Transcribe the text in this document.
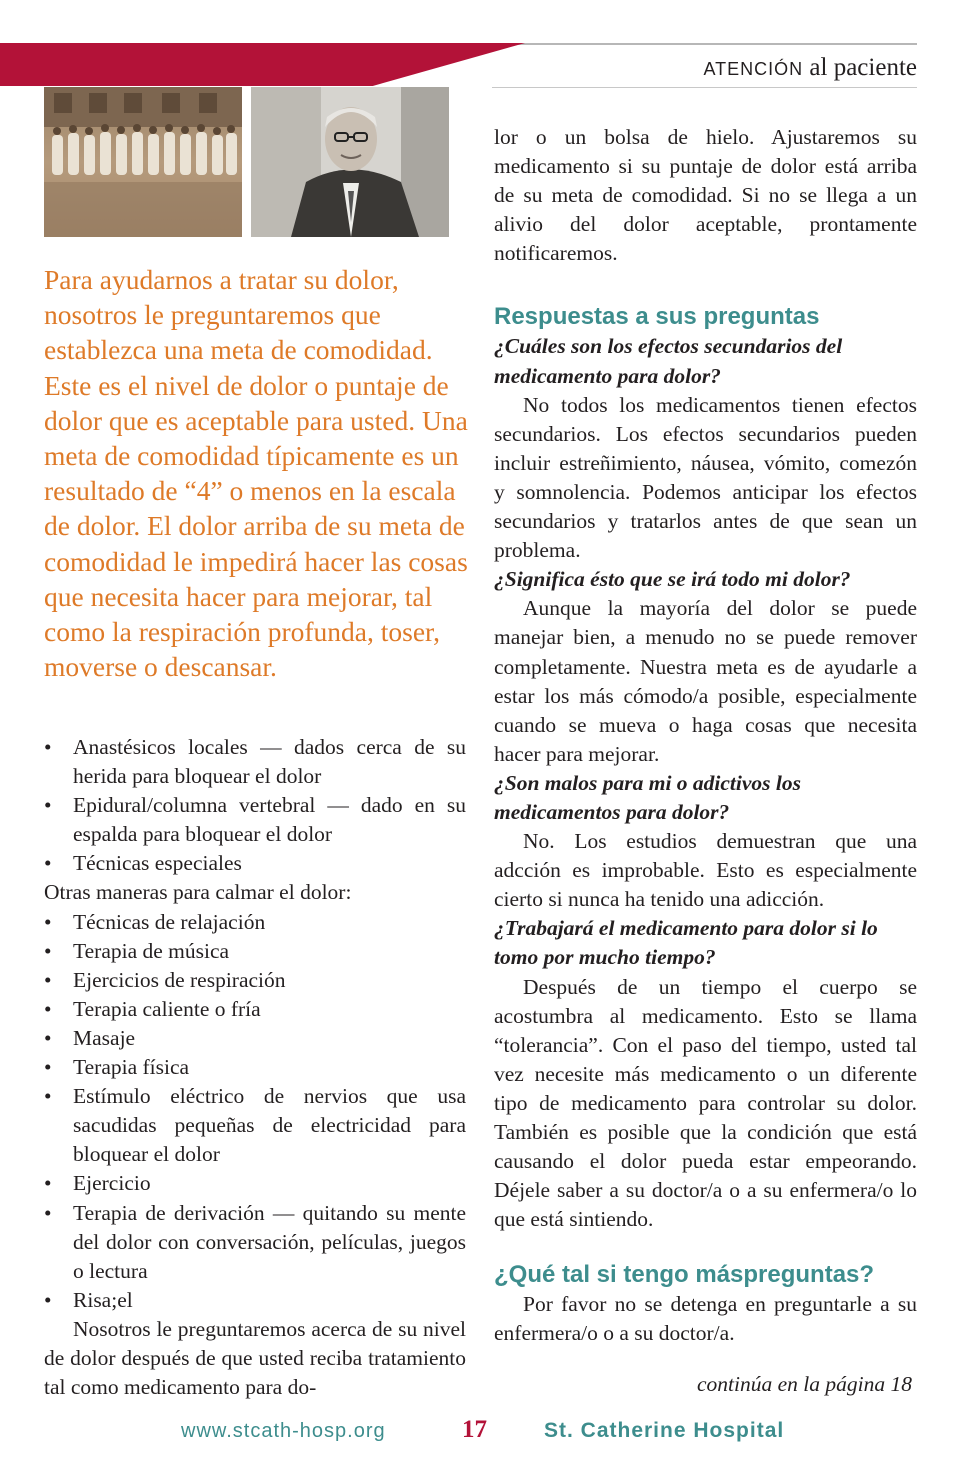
ATENCIÓN al paciente
Para ayudarnos a tratar su dolor, nosotros le preguntaremos que establezca una meta de comodidad. Este es el nivel de dolor o puntaje de dolor que es aceptable para usted. Una meta de comodidad típicamente es un resultado de “4” o menos en la escala de dolor. El dolor arriba de su meta de comodidad le impedirá hacer las cosas que necesita hacer para mejorar, tal como la respiración profunda, toser, moverse o descansar.
• Anastésicos locales — dados cerca de su herida para bloquear el dolor
• Epidural/columna vertebral — dado en su espalda para bloquear el dolor
• Técnicas especiales

Otras maneras para calmar el dolor:

• Técnicas de relajación
• Terapia de música
• Ejercicios de respiración
• Terapia caliente o fría
• Masaje
• Terapia física
• Estímulo eléctrico de nervios que usa sacudidas pequeñas de electricidad para bloquear el dolor
• Ejercicio
• Terapia de derivación — quitando su mente del dolor con conversación, películas, juegos o lectura
• Risa;el

Nosotros le preguntaremos acerca de su nivel de dolor después de que usted reciba tratamiento tal como medicamento para do-

lor o un bolsa de hielo. Ajustaremos su medicamento si su puntaje de dolor está arriba de su meta de comodidad. Si no se llega a un alivio del dolor aceptable, prontamente notificaremos.

Respuestas a sus preguntas

¿Cuáles son los efectos secundarios del medicamento para dolor?

No todos los medicamentos tienen efectos secundarios. Los efectos secundarios pueden incluir estreñimiento, náusea, vómito, comezón y somnolencia. Podemos anticipar los efectos secundarios y tratarlos antes de que sean un problema.

¿Significa ésto que se irá todo mi dolor?

Aunque la mayoría del dolor se puede manejar bien, a menudo no se puede remover completamente. Nuestra meta es de ayudarle a estar los más cómodo/a posible, especialmente cuando se mueva o haga cosas que necesita hacer para mejorar.

¿Son malos para mi o adictivos los medicamentos para dolor?

No. Los estudios demuestran que una adcción es improbable. Esto es especialmente cierto si nunca ha tenido una adicción.

¿Trabajará el medicamento para dolor si lo tomo por mucho tiempo?

Después de un tiempo el cuerpo se acostumbra al medicamento. Esto se llama “tolerancia”. Con el paso del tiempo, usted tal vez necesite más medicamento o un diferente tipo de medicamento para controlar su dolor. También es posible que la condición que está causando el dolor pueda estar empeorando. Déjele saber a su doctor/a o a su enfermera/o lo que está sintiendo.

¿Qué tal si tengo máspreguntas?

Por favor no se detenga en preguntarle a su enfermera/o o a su doctor/a.

continúa en la página 18
www.stcath-hosp.org	17	St. Catherine Hospital
